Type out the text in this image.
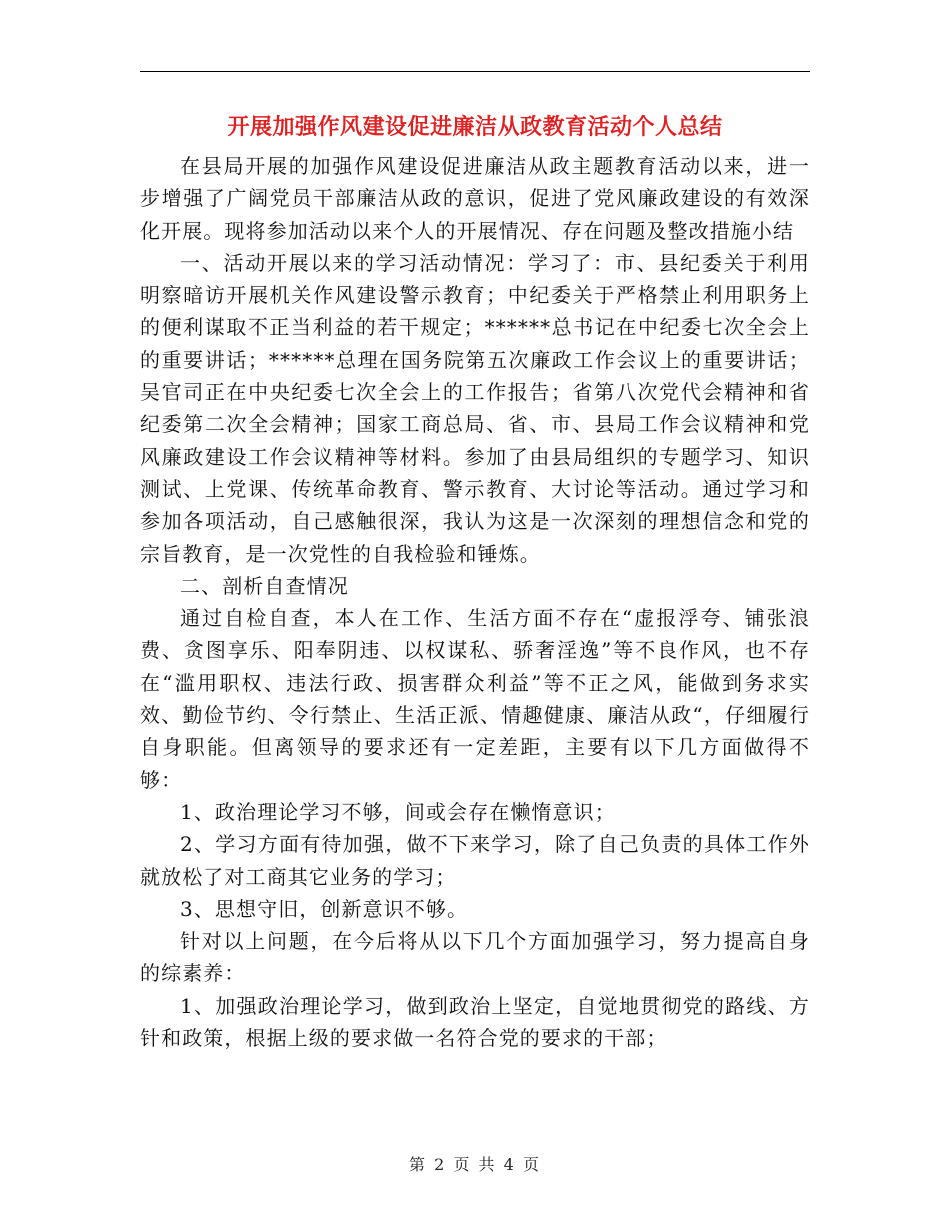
开展加强作风建设促进廉洁从政教育活动个人总结

在县局开展的加强作风建设促进廉洁从政主题教育活动以来，进一步增强了广阔党员干部廉洁从政的意识，促进了党风廉政建设的有效深化开展。现将参加活动以来个人的开展情况、存在问题及整改措施小结

一、活动开展以来的学习活动情况：学习了：市、县纪委关于利用明察暗访开展机关作风建设警示教育；中纪委关于严格禁止利用职务上的便利谋取不正当利益的若干规定；******总书记在中纪委七次全会上的重要讲话；******总理在国务院第五次廉政工作会议上的重要讲话；吴官司正在中央纪委七次全会上的工作报告；省第八次党代会精神和省纪委第二次全会精神；国家工商总局、省、市、县局工作会议精神和党风廉政建设工作会议精神等材料。参加了由县局组织的专题学习、知识测试、上党课、传统革命教育、警示教育、大讨论等活动。通过学习和参加各项活动，自己感触很深，我认为这是一次深刻的理想信念和党的宗旨教育，是一次党性的自我检验和锤炼。

二、剖析自查情况

通过自检自查，本人在工作、生活方面不存在“虚报浮夸、铺张浪费、贪图享乐、阳奉阴违、以权谋私、骄奢淫逸”等不良作风，也不存在“滥用职权、违法行政、损害群众利益”等不正之风，能做到务求实效、勤俭节约、令行禁止、生活正派、情趣健康、廉洁从政“，仔细履行自身职能。但离领导的要求还有一定差距，主要有以下几方面做得不够：

1、政治理论学习不够，间或会存在懒惰意识；

2、学习方面有待加强，做不下来学习，除了自己负责的具体工作外就放松了对工商其它业务的学习；

3、思想守旧，创新意识不够。

针对以上问题，在今后将从以下几个方面加强学习，努力提高自身的综素养：

1、加强政治理论学习，做到政治上坚定，自觉地贯彻党的路线、方针和政策，根据上级的要求做一名符合党的要求的干部；

第 2 页 共 4 页
